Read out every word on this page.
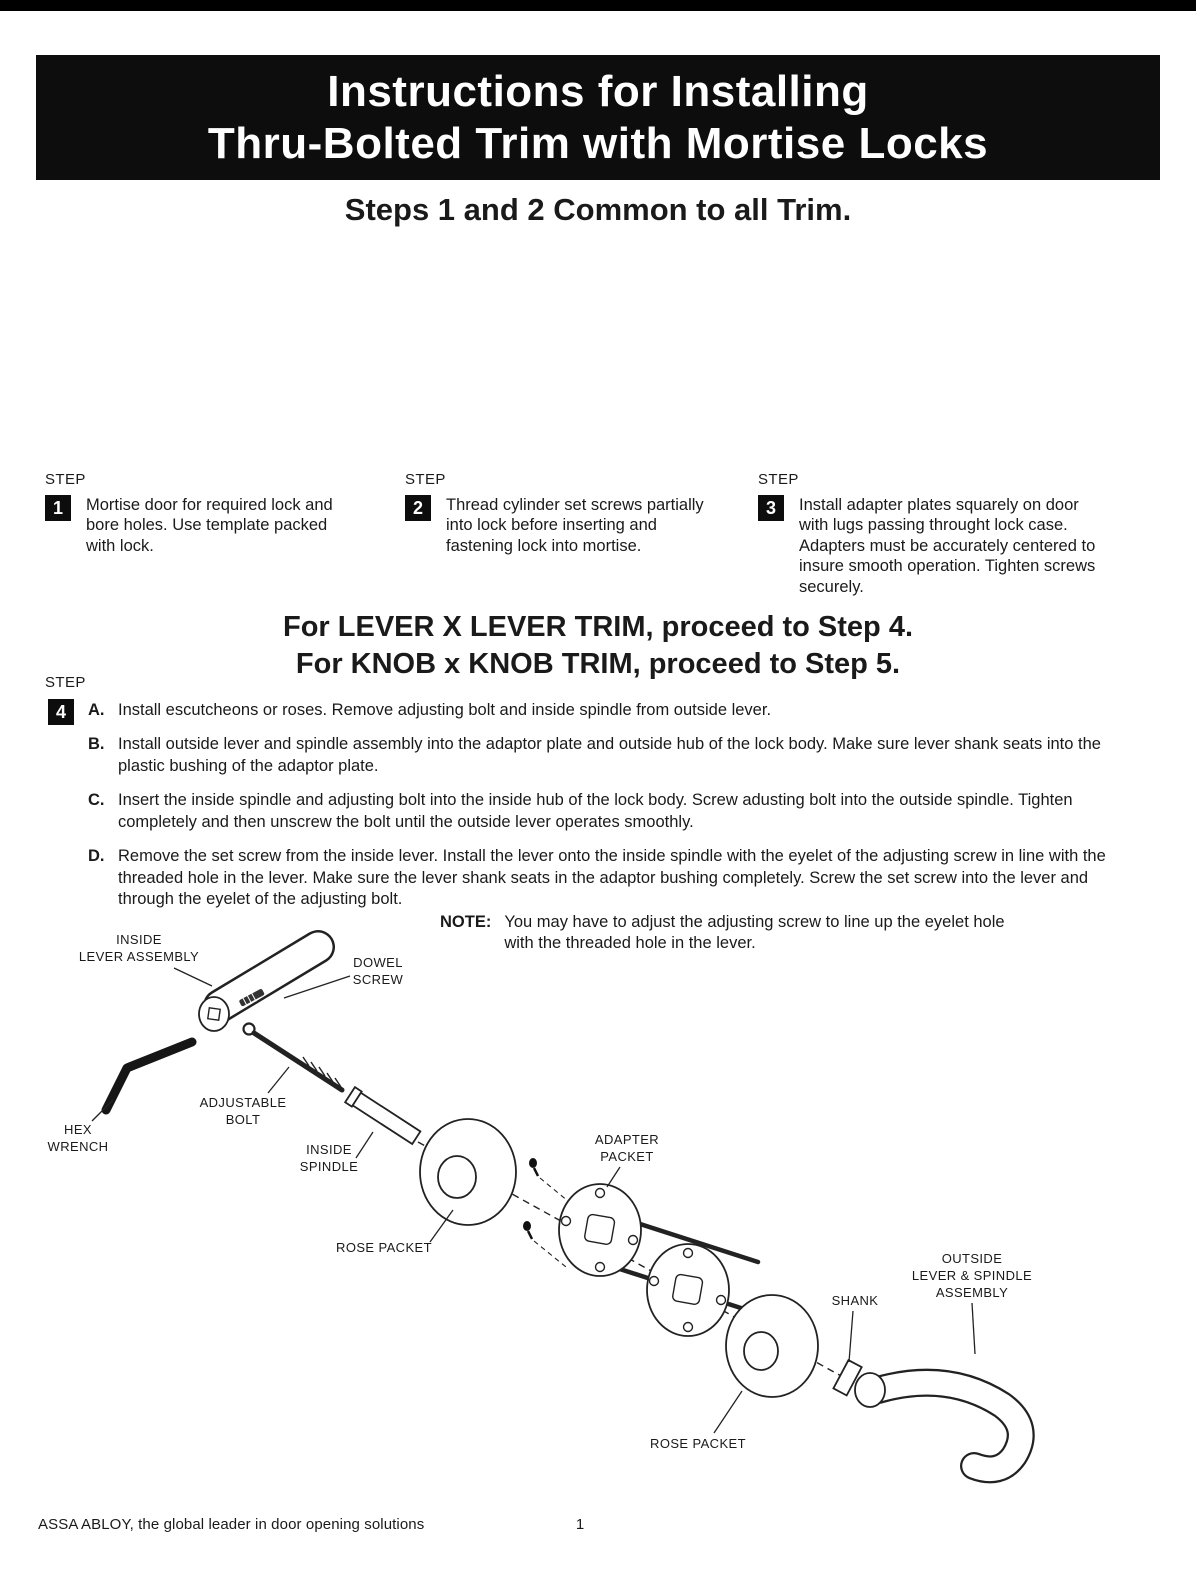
Instructions for Installing
Thru-Bolted Trim with Mortise Locks
Steps 1 and 2 Common to all Trim.
STEP
1	Mortise door for required lock and bore holes. Use template packed with lock.

STEP
2	Thread cylinder set screws partially into lock before inserting and fastening lock into mortise.

STEP
3	Install adapter plates squarely on door with lugs passing throught lock case. Adapters must be accurately centered to insure smooth operation. Tighten screws securely.

For LEVER X LEVER TRIM, proceed to Step 4.
For KNOB x KNOB TRIM, proceed to Step 5.
STEP
4	A. Install escutcheons or roses. Remove adjusting bolt and inside spindle from outside lever.
B. Install outside lever and spindle assembly into the adaptor plate and outside hub of the lock body. Make sure lever shank seats into the plastic bushing of the adaptor plate.
C. Insert the inside spindle and adjusting bolt into the inside hub of the lock body. Screw adusting bolt into the outside spindle. Tighten completely and then unscrew the bolt until the outside lever operates smoothly.
D. Remove the set screw from the inside lever. Install the lever onto the inside spindle with the eyelet of the adjusting screw in line with the threaded hole in the lever. Make sure the lever shank seats in the adaptor bushing completely. Screw the set screw into the lever and through the eyelet of the adjusting bolt.
NOTE: You may have to adjust the adjusting screw to line up the eyelet hole with the threaded hole in the lever.
INSIDE
LEVER ASSEMBLY	DOWEL
SCREW
ADJUSTABLE
BOLT
HEX
WRENCH	INSIDE
SPINDLE
ROSE PACKET
ADAPTER
PACKET
SHANK
OUTSIDE
LEVER & SPINDLE
ASSEMBLY
ROSE PACKET
ASSA ABLOY, the global leader in door opening solutions	1
